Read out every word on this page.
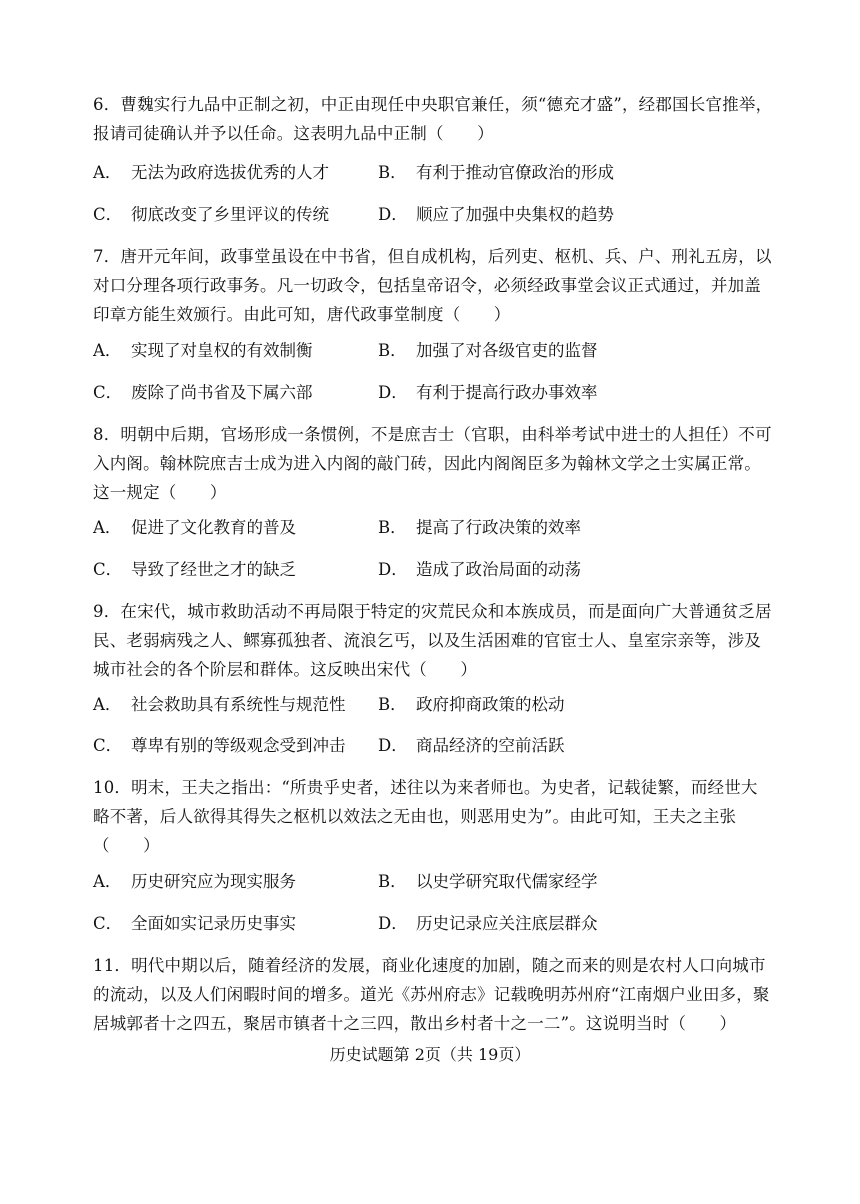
6．曹魏实行九品中正制之初，中正由现任中央职官兼任，须“德充才盛”，经郡国长官推举，报请司徒确认并予以任命。这表明九品中正制（　　）

A． 无法为政府选拔优秀的人才	B． 有利于推动官僚政治的形成
C． 彻底改变了乡里评议的传统	D． 顺应了加强中央集权的趋势

7．唐开元年间，政事堂虽设在中书省，但自成机构，后列吏、枢机、兵、户、刑礼五房，以对口分理各项行政事务。凡一切政令，包括皇帝诏令，必须经政事堂会议正式通过，并加盖印章方能生效颁行。由此可知，唐代政事堂制度（　　）

A． 实现了对皇权的有效制衡	B． 加强了对各级官吏的监督
C． 废除了尚书省及下属六部	D． 有利于提高行政办事效率

8．明朝中后期，官场形成一条惯例，不是庶吉士（官职，由科举考试中进士的人担任）不可入内阁。翰林院庶吉士成为进入内阁的敲门砖，因此内阁阁臣多为翰林文学之士实属正常。这一规定（　　）

A． 促进了文化教育的普及	B． 提高了行政决策的效率
C． 导致了经世之才的缺乏	D． 造成了政治局面的动荡

9．在宋代，城市救助活动不再局限于特定的灾荒民众和本族成员，而是面向广大普通贫乏居民、老弱病残之人、鳏寡孤独者、流浪乞丐，以及生活困难的官宦士人、皇室宗亲等，涉及城市社会的各个阶层和群体。这反映出宋代（　　）

A． 社会救助具有系统性与规范性 B． 政府抑商政策的松动
C． 尊卑有别的等级观念受到冲击 D． 商品经济的空前活跃

10．明末，王夫之指出：“所贵乎史者，述往以为来者师也。为史者，记载徒繁，而经世大略不著，后人欲得其得失之枢机以效法之无由也，则恶用史为”。由此可知，王夫之主张（　　）

A． 历史研究应为现实服务	B． 以史学研究取代儒家经学
C． 全面如实记录历史事实	D． 历史记录应关注底层群众

11．明代中期以后，随着经济的发展，商业化速度的加剧，随之而来的则是农村人口向城市的流动，以及人们闲暇时间的增多。道光《苏州府志》记载晚明苏州府“江南烟户业田多，聚居城郭者十之四五，聚居市镇者十之三四，散出乡村者十之一二”。这说明当时（　　）

历史试题第 2页（共 19页）
